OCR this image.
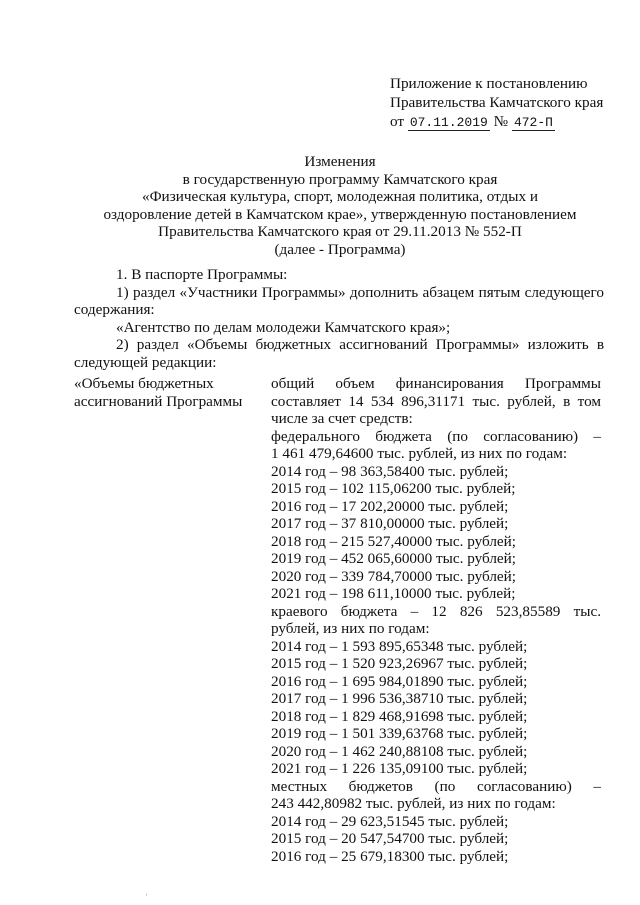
Приложение к постановлению
Правительства Камчатского края
от 07.11.2019 № 472-П
Изменения
в государственную программу Камчатского края
«Физическая культура, спорт, молодежная политика, отдых и
оздоровление детей в Камчатском крае», утвержденную постановлением
Правительства Камчатского края от 29.11.2013 № 552-П
(далее - Программа)
1. В паспорте Программы:
1) раздел «Участники Программы» дополнить абзацем пятым следующего
содержания:
«Агентство по делам молодежи Камчатского края»;
2) раздел «Объемы бюджетных ассигнований Программы» изложить в
следующей редакции:
«Объемы бюджетных
ассигнований Программы
общий объем финансирования Программы
составляет 14 534 896,31171 тыс. рублей, в том
числе за счет средств:
федерального бюджета (по согласованию) –
1 461 479,64600 тыс. рублей, из них по годам:
2014 год – 98 363,58400 тыс. рублей;
2015 год – 102 115,06200 тыс. рублей;
2016 год – 17 202,20000 тыс. рублей;
2017 год – 37 810,00000 тыс. рублей;
2018 год – 215 527,40000 тыс. рублей;
2019 год – 452 065,60000 тыс. рублей;
2020 год – 339 784,70000 тыс. рублей;
2021 год – 198 611,10000 тыс. рублей;
краевого бюджета – 12 826 523,85589 тыс.
рублей, из них по годам:
2014 год – 1 593 895,65348 тыс. рублей;
2015 год – 1 520 923,26967 тыс. рублей;
2016 год – 1 695 984,01890 тыс. рублей;
2017 год – 1 996 536,38710 тыс. рублей;
2018 год – 1 829 468,91698 тыс. рублей;
2019 год – 1 501 339,63768 тыс. рублей;
2020 год – 1 462 240,88108 тыс. рублей;
2021 год – 1 226 135,09100 тыс. рублей;
местных бюджетов (по согласованию) –
243 442,80982 тыс. рублей, из них по годам:
2014 год – 29 623,51545 тыс. рублей;
2015 год – 20 547,54700 тыс. рублей;
2016 год – 25 679,18300 тыс. рублей;
ˌ
